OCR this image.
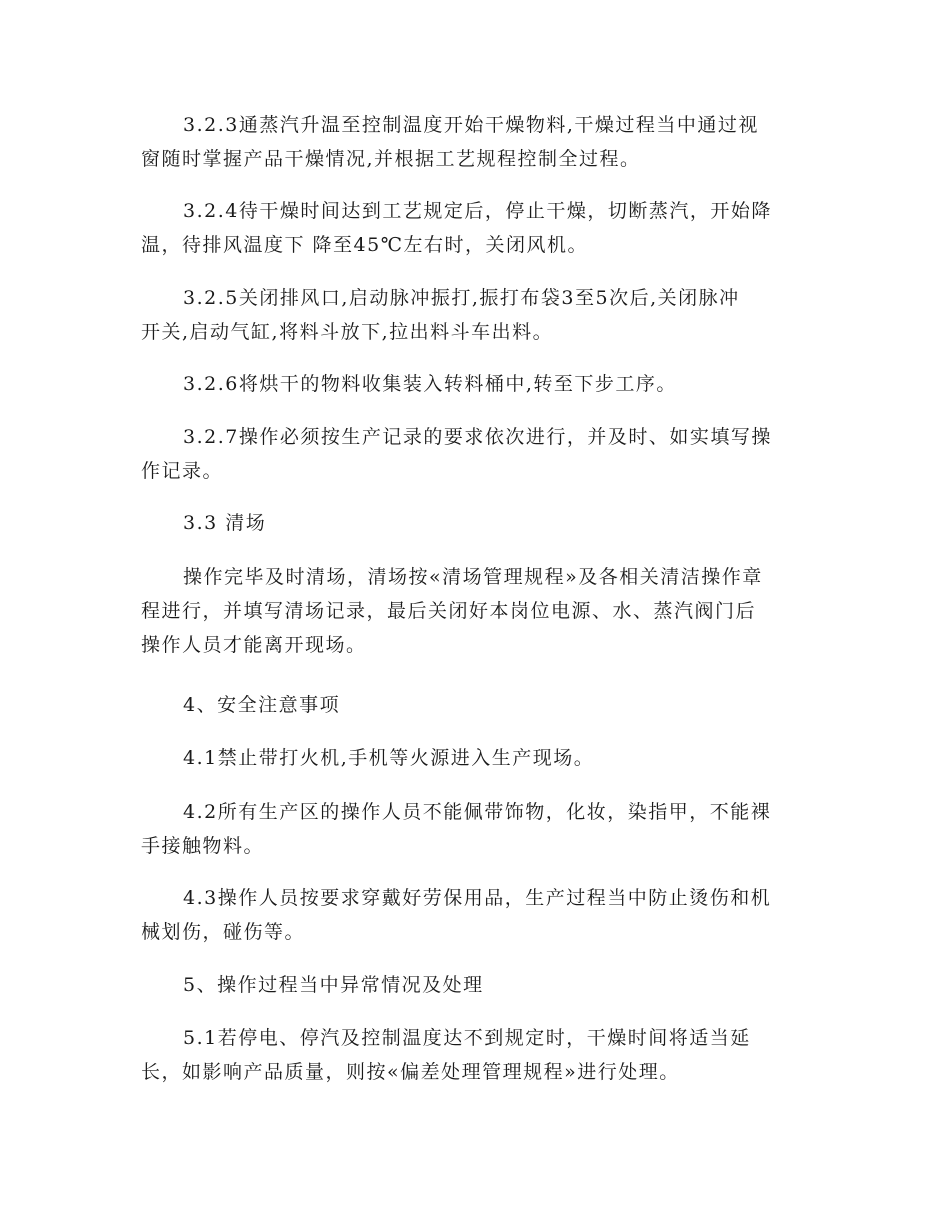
3.2.3通蒸汽升温至控制温度开始干燥物料,干燥过程当中通过视
窗随时掌握产品干燥情况,并根据工艺规程控制全过程。

3.2.4待干燥时间达到工艺规定后，停止干燥，切断蒸汽，开始降
温，待排风温度下 降至45℃左右时，关闭风机。

3.2.5关闭排风口,启动脉冲振打,振打布袋3至5次后,关闭脉冲
开关,启动气缸,将料斗放下,拉出料斗车出料。

3.2.6将烘干的物料收集装入转料桶中,转至下步工序。

3.2.7操作必须按生产记录的要求依次进行，并及时、如实填写操
作记录。

3.3 清场

操作完毕及时清场，清场按«清场管理规程»及各相关清洁操作章
程进行，并填写清场记录，最后关闭好本岗位电源、水、蒸汽阀门后
操作人员才能离开现场。

4、安全注意事项

4.1禁止带打火机,手机等火源进入生产现场。

4.2所有生产区的操作人员不能佩带饰物，化妆，染指甲，不能裸
手接触物料。

4.3操作人员按要求穿戴好劳保用品，生产过程当中防止烫伤和机
械划伤，碰伤等。

5、操作过程当中异常情况及处理

5.1若停电、停汽及控制温度达不到规定时，干燥时间将适当延
长，如影响产品质量，则按«偏差处理管理规程»进行处理。
